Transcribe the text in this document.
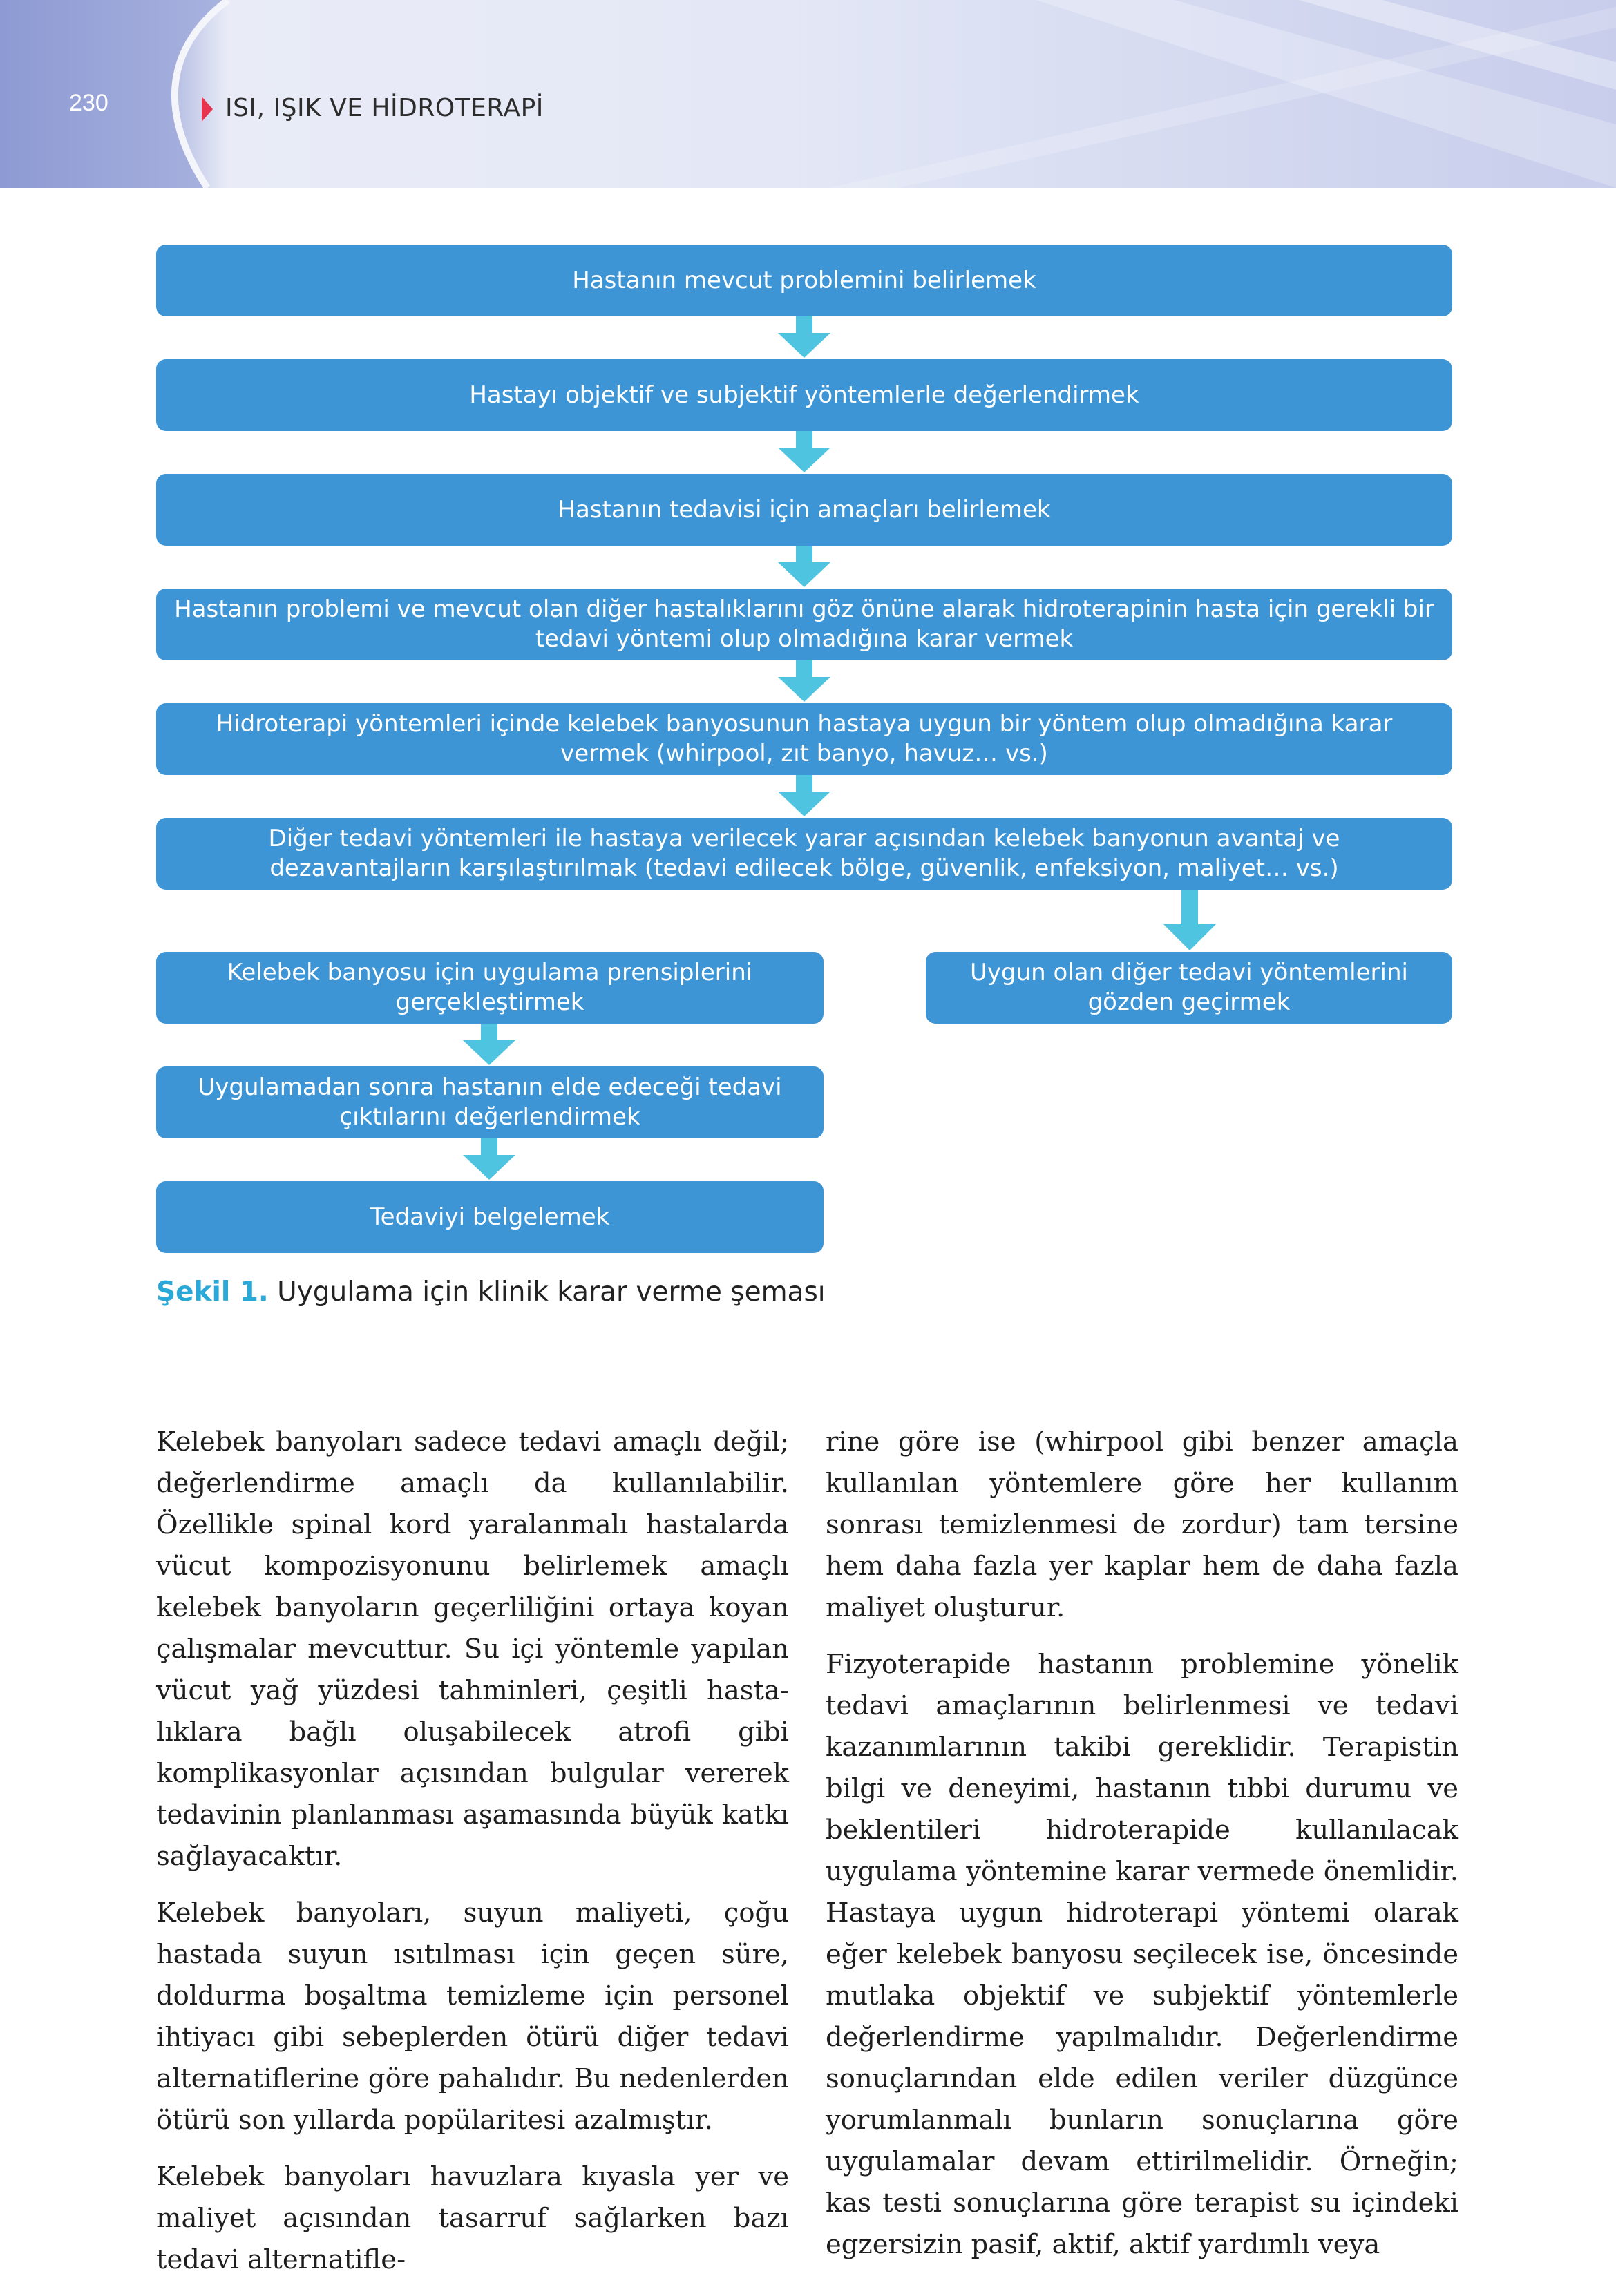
230	ISI, IŞIK VE HİDROTERAPİ
Hastanın mevcut problemini belirlemek
Hastayı objektif ve subjektif yöntemlerle değerlendirmek
Hastanın tedavisi için amaçları belirlemek
Hastanın problemi ve mevcut olan diğer hastalıklarını göz önüne alarak hidroterapinin hasta için gerekli bir tedavi yöntemi olup olmadığına karar vermek
Hidroterapi yöntemleri içinde kelebek banyosunun hastaya uygun bir yöntem olup olmadığına karar vermek (whirpool, zıt banyo, havuz… vs.)
Diğer tedavi yöntemleri ile hastaya verilecek yarar açısından kelebek banyonun avantaj ve dezavantajların karşılaştırılmak (tedavi edilecek bölge, güvenlik, enfeksiyon, maliyet… vs.)
Kelebek banyosu için uygulama prensiplerini gerçekleştirmek
Uygun olan diğer tedavi yöntemlerini gözden geçirmek
Uygulamadan sonra hastanın elde edeceği tedavi çıktılarını değerlendirmek
Tedaviyi belgelemek
Şekil 1. Uygulama için klinik karar verme şeması

Kelebek banyoları sadece tedavi amaçlı değil; değerlendirme amaçlı da kullanılabilir. Özellikle spinal kord yaralanmalı hastalarda vücut kompozisyonunu belirlemek amaçlı kelebek banyoların geçerliliğini ortaya koyan çalışmalar mevcuttur. Su içi yöntemle yapılan vücut yağ yüzdesi tahminleri, çeşitli hastalıklara bağlı oluşabilecek atrofi gibi komplikasyonlar açısından bulgular vererek tedavinin planlanması aşamasında büyük katkı sağlayacaktır.

Kelebek banyoları, suyun maliyeti, çoğu hastada suyun ısıtılması için geçen süre, doldurma boşaltma temizleme için personel ihtiyacı gibi sebeplerden ötürü diğer tedavi alternatiflerine göre pahalıdır. Bu nedenlerden ötürü son yıllarda popülaritesi azalmıştır.

Kelebek banyoları havuzlara kıyasla yer ve maliyet açısından tasarruf sağlarken bazı tedavi alternatifle-

rine göre ise (whirpool gibi benzer amaçla kullanılan yöntemlere göre her kullanım sonrası temizlenmesi de zordur) tam tersine hem daha fazla yer kaplar hem de daha fazla maliyet oluşturur.

Fizyoterapide hastanın problemine yönelik tedavi amaçlarının belirlenmesi ve tedavi kazanımlarının takibi gereklidir. Terapistin bilgi ve deneyimi, hastanın tıbbi durumu ve beklentileri hidroterapide kullanılacak uygulama yöntemine karar vermede önemlidir. Hastaya uygun hidroterapi yöntemi olarak eğer kelebek banyosu seçilecek ise, öncesinde mutlaka objektif ve subjektif yöntemlerle değerlendirme yapılmalıdır. Değerlendirme sonuçlarından elde edilen veriler düzgünce yorumlanmalı bunların sonuçlarına göre uygulamalar devam ettirilmelidir. Örneğin; kas testi sonuçlarına göre terapist su içindeki egzersizin pasif, aktif, aktif yardımlı veya
